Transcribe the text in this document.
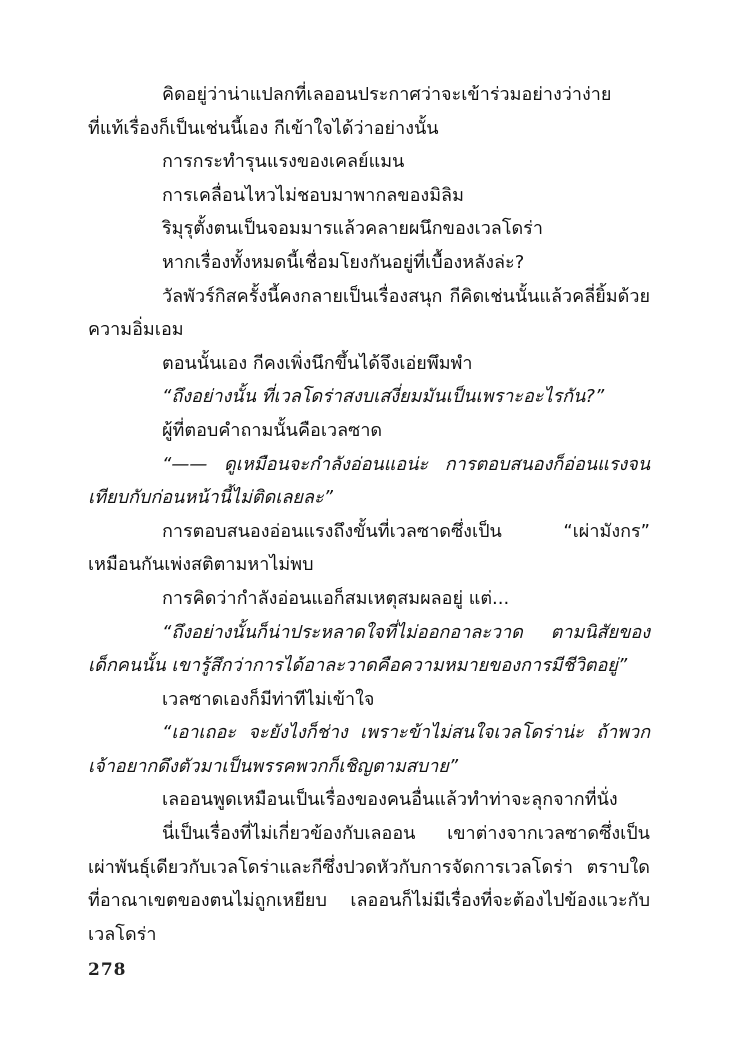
คิดอยู่ว่าน่าแปลกที่เลออนประกาศว่าจะเข้าร่วมอย่างว่าง่าย ที่แท้เรื่องก็เป็นเช่นนี้เอง กีเข้าใจได้ว่าอย่างนั้น

การกระทำรุนแรงของเคลย์แมน

การเคลื่อนไหวไม่ชอบมาพากลของมิลิม

ริมุรุตั้งตนเป็นจอมมารแล้วคลายผนึกของเวลโดร่า

หากเรื่องทั้งหมดนี้เชื่อมโยงกันอยู่ที่เบื้องหลังล่ะ?

วัลพัวร์กิสครั้งนี้คงกลายเป็นเรื่องสนุก กีคิดเช่นนั้นแล้วคลี่ยิ้มด้วยความอิ่มเอม

ตอนนั้นเอง กีคงเพิ่งนึกขึ้นได้จึงเอ่ยพึมพำ

“ถึงอย่างนั้น ที่เวลโดร่าสงบเสงี่ยมมันเป็นเพราะอะไรกัน?”

ผู้ที่ตอบคำถามนั้นคือเวลซาด

“—— ดูเหมือนจะกำลังอ่อนแอน่ะ การตอบสนองก็อ่อนแรงจนเทียบกับก่อนหน้านี้ไม่ติดเลยละ”

การตอบสนองอ่อนแรงถึงขั้นที่เวลซาดซึ่งเป็น “เผ่ามังกร” เหมือนกันเพ่งสติตามหาไม่พบ

การคิดว่ากำลังอ่อนแอก็สมเหตุสมผลอยู่ แต่...

“ถึงอย่างนั้นก็น่าประหลาดใจที่ไม่ออกอาละวาด ตามนิสัยของเด็กคนนั้น เขารู้สึกว่าการได้อาละวาดคือความหมายของการมีชีวิตอยู่”

เวลซาดเองก็มีท่าทีไม่เข้าใจ

“เอาเถอะ จะยังไงก็ช่าง เพราะข้าไม่สนใจเวลโดร่าน่ะ ถ้าพวกเจ้าอยากดึงตัวมาเป็นพรรคพวกก็เชิญตามสบาย”

เลออนพูดเหมือนเป็นเรื่องของคนอื่นแล้วทำท่าจะลุกจากที่นั่ง

นี่เป็นเรื่องที่ไม่เกี่ยวข้องกับเลออน เขาต่างจากเวลซาดซึ่งเป็นเผ่าพันธุ์เดียวกับเวลโดร่าและกีซึ่งปวดหัวกับการจัดการเวลโดร่า ตราบใดที่อาณาเขตของตนไม่ถูกเหยียบ เลออนก็ไม่มีเรื่องที่จะต้องไปข้องแวะกับเวลโดร่า

278
